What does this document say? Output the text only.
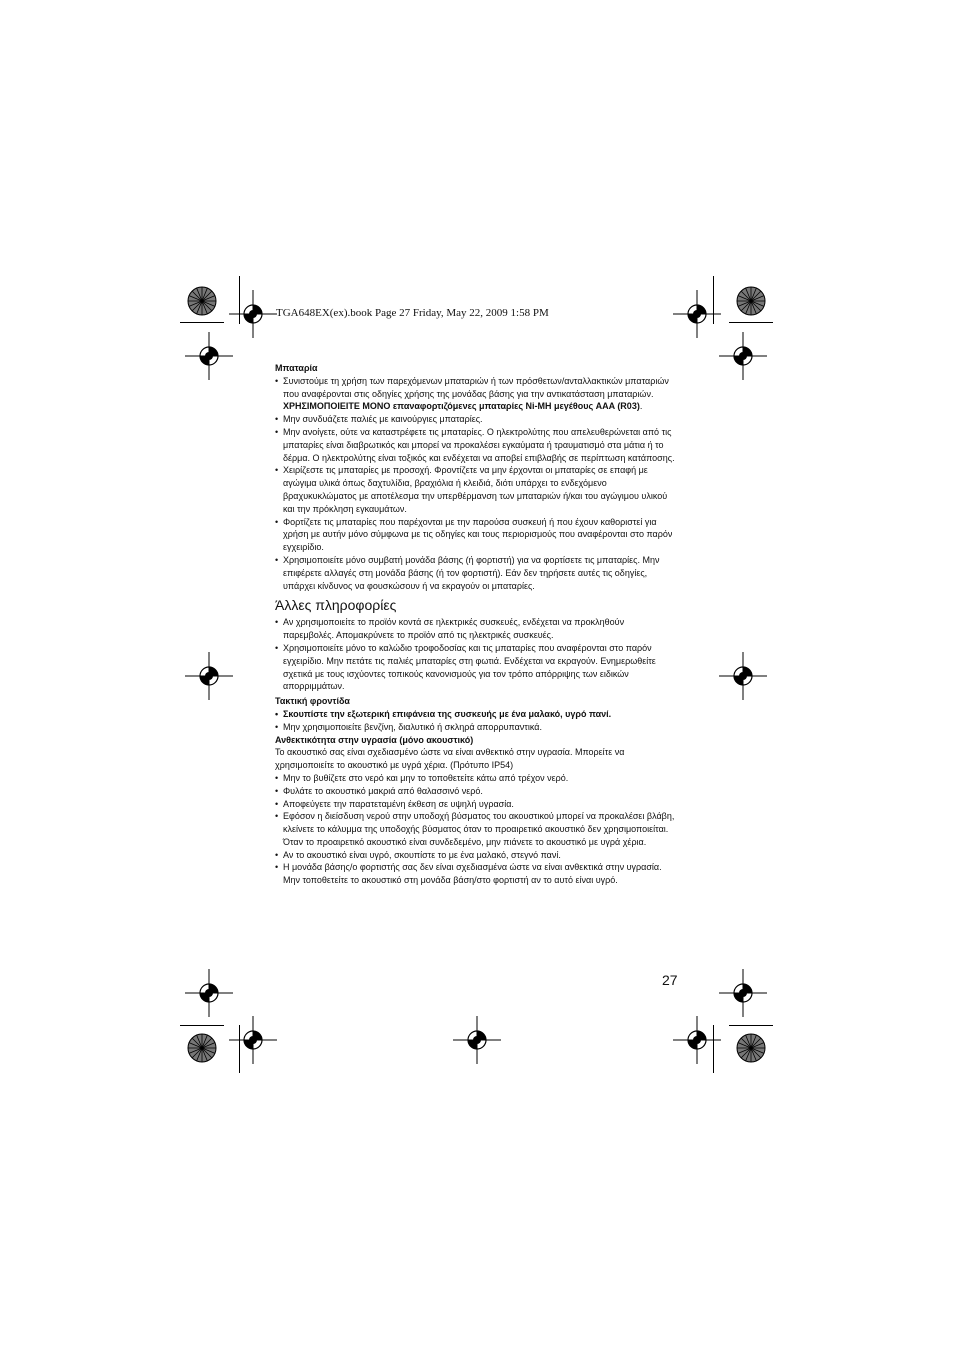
TGA648EX(ex).book Page 27 Friday, May 22, 2009 1:58 PM

Μπαταρία

• Συνιστούμε τη χρήση των παρεχόμενων μπαταριών ή των πρόσθετων/ανταλλακτικών μπαταριών που αναφέρονται στις οδηγίες χρήσης της μονάδας βάσης για την αντικατάσταση μπαταριών. ΧΡΗΣΙΜΟΠΟΙΕΙΤΕ ΜΟΝΟ επαναφορτιζόμενες μπαταρίες Ni-MH μεγέθους AAA (R03).

• Μην συνδυάζετε παλιές με καινούργιες μπαταρίες.

• Μην ανοίγετε, ούτε να καταστρέφετε τις μπαταρίες. Ο ηλεκτρολύτης που απελευθερώνεται από τις μπαταρίες είναι διαβρωτικός και μπορεί να προκαλέσει εγκαύματα ή τραυματισμό στα μάτια ή το δέρμα. Ο ηλεκτρολύτης είναι τοξικός και ενδέχεται να αποβεί επιβλαβής σε περίπτωση κατάποσης.

• Χειρίζεστε τις μπαταρίες με προσοχή. Φροντίζετε να μην έρχονται οι μπαταρίες σε επαφή με αγώγιμα υλικά όπως δαχτυλίδια, βραχιόλια ή κλειδιά, διότι υπάρχει το ενδεχόμενο βραχυκυκλώματος με αποτέλεσμα την υπερθέρμανση των μπαταριών ή/και του αγώγιμου υλικού και την πρόκληση εγκαυμάτων.

• Φορτίζετε τις μπαταρίες που παρέχονται με την παρούσα συσκευή ή που έχουν καθοριστεί για χρήση με αυτήν μόνο σύμφωνα με τις οδηγίες και τους περιορισμούς που αναφέρονται στο παρόν εγχειρίδιο.

• Χρησιμοποιείτε μόνο συμβατή μονάδα βάσης (ή φορτιστή) για να φορτίσετε τις μπαταρίες. Μην επιφέρετε αλλαγές στη μονάδα βάσης (ή τον φορτιστή). Εάν δεν τηρήσετε αυτές τις οδηγίες, υπάρχει κίνδυνος να φουσκώσουν ή να εκραγούν οι μπαταρίες.

Άλλες πληροφορίες

• Αν χρησιμοποιείτε το προϊόν κοντά σε ηλεκτρικές συσκευές, ενδέχεται να προκληθούν παρεμβολές. Απομακρύνετε το προϊόν από τις ηλεκτρικές συσκευές.

• Χρησιμοποιείτε μόνο το καλώδιο τροφοδοσίας και τις μπαταρίες που αναφέρονται στο παρόν εγχειρίδιο. Μην πετάτε τις παλιές μπαταρίες στη φωτιά. Ενδέχεται να εκραγούν. Ενημερωθείτε σχετικά με τους ισχύοντες τοπικούς κανονισμούς για τον τρόπο απόρριψης των ειδικών απορριμμάτων.

Τακτική φροντίδα

• Σκουπίστε την εξωτερική επιφάνεια της συσκευής με ένα μαλακό, υγρό πανί.

• Μην χρησιμοποιείτε βενζίνη, διαλυτικό ή σκληρά απορρυπαντικά.

Ανθεκτικότητα στην υγρασία (μόνο ακουστικό)

Το ακουστικό σας είναι σχεδιασμένο ώστε να είναι ανθεκτικό στην υγρασία. Μπορείτε να χρησιμοποιείτε το ακουστικό με υγρά χέρια. (Πρότυπο IP54)

• Μην το βυθίζετε στο νερό και μην το τοποθετείτε κάτω από τρέχον νερό.

• Φυλάτε το ακουστικό μακριά από θαλασσινό νερό.

• Αποφεύγετε την παρατεταμένη έκθεση σε υψηλή υγρασία.

• Εφόσον η διείσδυση νερού στην υποδοχή βύσματος του ακουστικού μπορεί να προκαλέσει βλάβη, κλείνετε το κάλυμμα της υποδοχής βύσματος όταν το προαιρετικό ακουστικό δεν χρησιμοποιείται. Όταν το προαιρετικό ακουστικό είναι συνδεδεμένο, μην πιάνετε το ακουστικό με υγρά χέρια.

• Αν το ακουστικό είναι υγρό, σκουπίστε το με ένα μαλακό, στεγνό πανί.

• Η μονάδα βάσης/ο φορτιστής σας δεν είναι σχεδιασμένα ώστε να είναι ανθεκτικά στην υγρασία. Μην τοποθετείτε το ακουστικό στη μονάδα βάση/στο φορτιστή αν το αυτό είναι υγρό.

27
